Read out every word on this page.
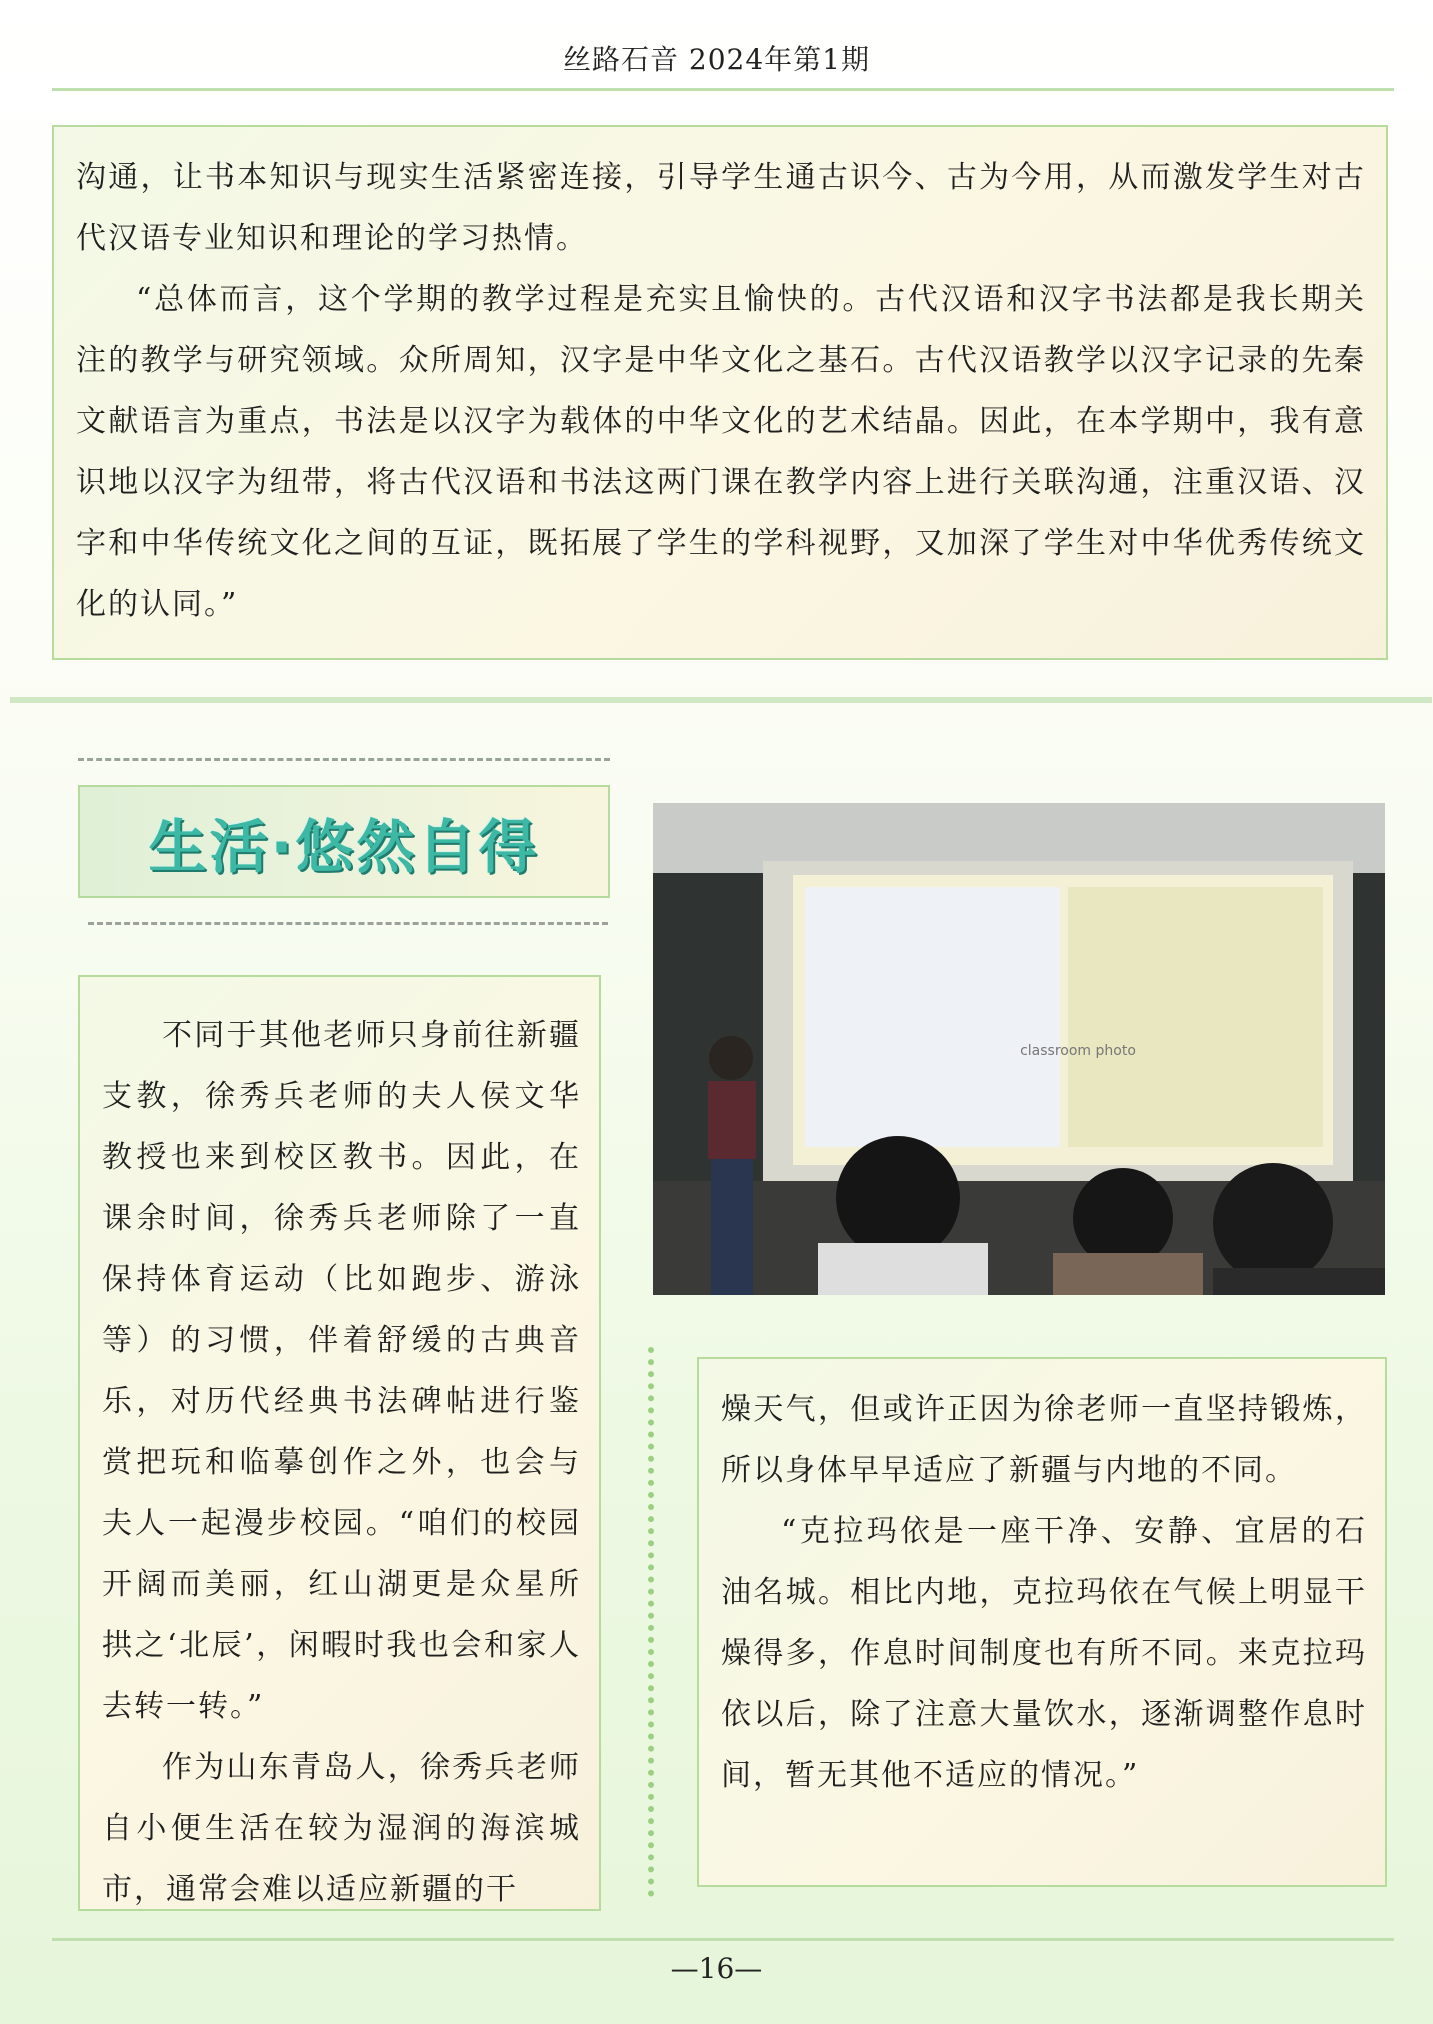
丝路石音 2024年第1期

沟通，让书本知识与现实生活紧密连接，引导学生通古识今、古为今用，从而激发学生对古代汉语专业知识和理论的学习热情。

“总体而言，这个学期的教学过程是充实且愉快的。古代汉语和汉字书法都是我长期关注的教学与研究领域。众所周知，汉字是中华文化之基石。古代汉语教学以汉字记录的先秦文献语言为重点，书法是以汉字为载体的中华文化的艺术结晶。因此，在本学期中，我有意识地以汉字为纽带，将古代汉语和书法这两门课在教学内容上进行关联沟通，注重汉语、汉字和中华传统文化之间的互证，既拓展了学生的学科视野，又加深了学生对中华优秀传统文化的认同。”

生活·悠然自得
classroom photo

不同于其他老师只身前往新疆支教，徐秀兵老师的夫人侯文华教授也来到校区教书。因此，在课余时间，徐秀兵老师除了一直保持体育运动（比如跑步、游泳等）的习惯，伴着舒缓的古典音乐，对历代经典书法碑帖进行鉴赏把玩和临摹创作之外，也会与夫人一起漫步校园。“咱们的校园开阔而美丽，红山湖更是众星所拱之‘北辰’，闲暇时我也会和家人去转一转。”

作为山东青岛人，徐秀兵老师自小便生活在较为湿润的海滨城市，通常会难以适应新疆的干

燥天气，但或许正因为徐老师一直坚持锻炼，所以身体早早适应了新疆与内地的不同。

“克拉玛依是一座干净、安静、宜居的石油名城。相比内地，克拉玛依在气候上明显干燥得多，作息时间制度也有所不同。来克拉玛依以后，除了注意大量饮水，逐渐调整作息时间，暂无其他不适应的情况。”

—16—
